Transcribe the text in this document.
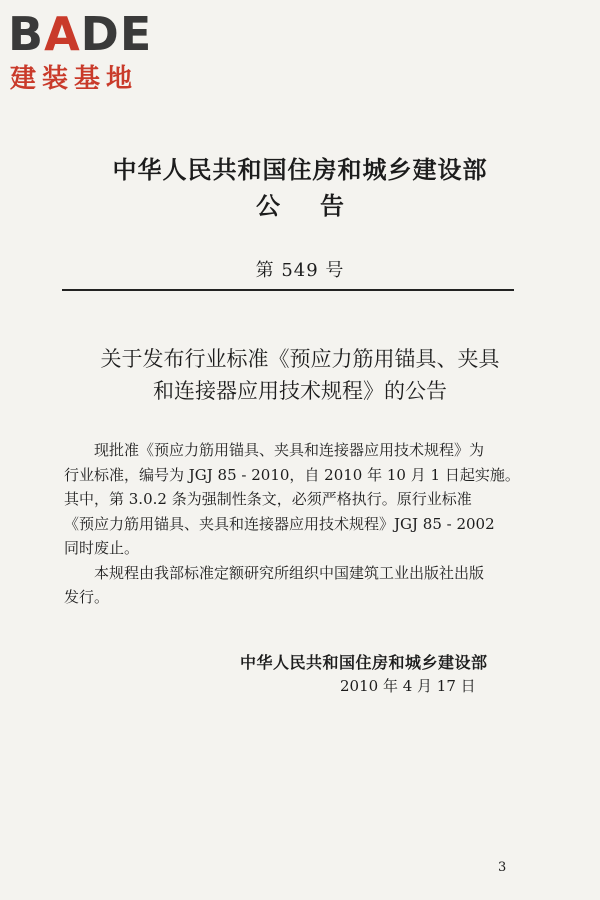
BADE
建装基地
中华人民共和国住房和城乡建设部
公告
第 549 号
关于发布行业标准《预应力筋用锚具、夹具
和连接器应用技术规程》的公告

现批准《预应力筋用锚具、夹具和连接器应用技术规程》为

行业标准，编号为 JGJ 85 - 2010，自 2010 年 10 月 1 日起实施。

其中，第 3.0.2 条为强制性条文，必须严格执行。原行业标准

《预应力筋用锚具、夹具和连接器应用技术规程》JGJ 85 - 2002

同时废止。

本规程由我部标准定额研究所组织中国建筑工业出版社出版

发行。

中华人民共和国住房和城乡建设部
2010 年 4 月 17 日
3
